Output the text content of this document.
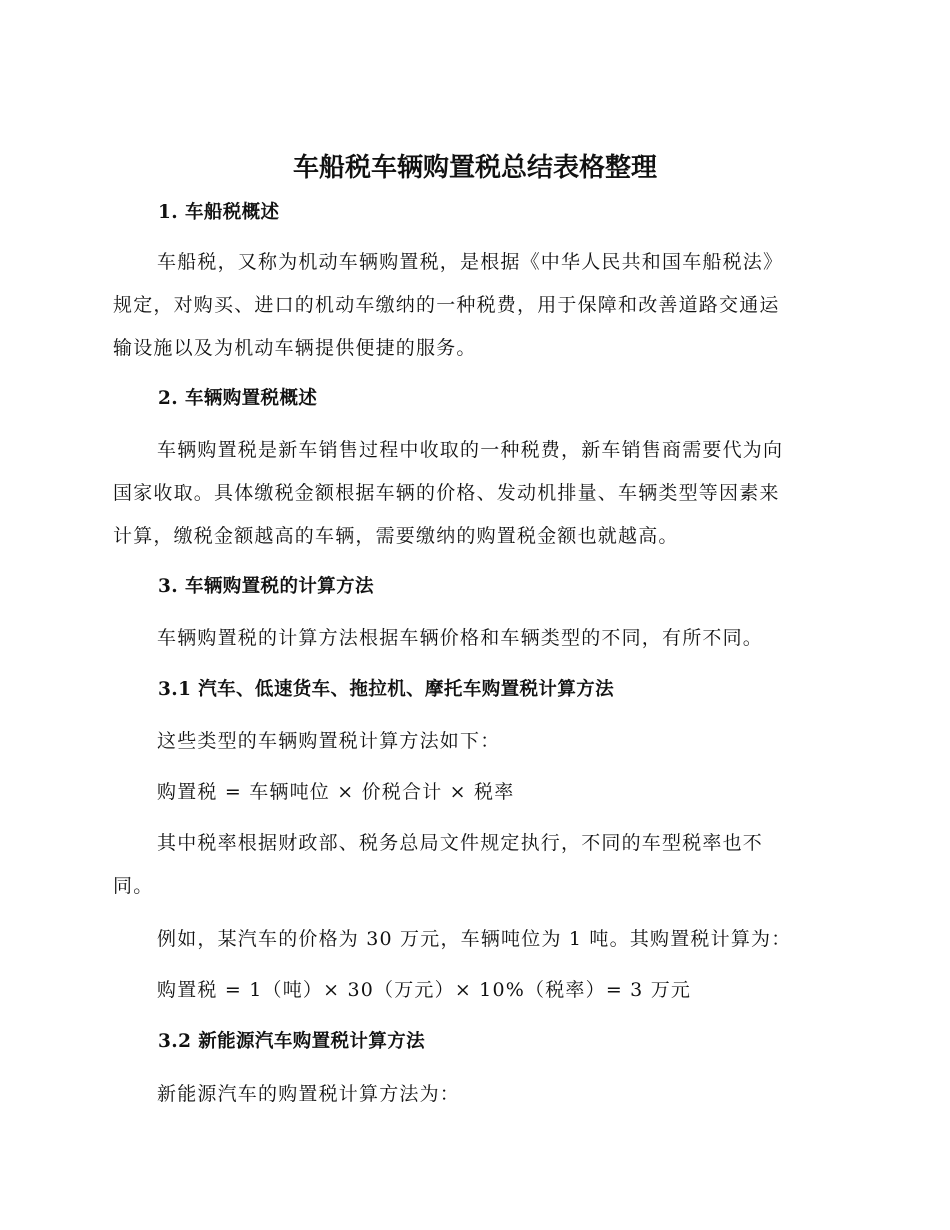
车船税车辆购置税总结表格整理
1. 车船税概述
车船税，又称为机动车辆购置税，是根据《中华人民共和国车船税法》
规定，对购买、进口的机动车缴纳的一种税费，用于保障和改善道路交通运
输设施以及为机动车辆提供便捷的服务。
2. 车辆购置税概述
车辆购置税是新车销售过程中收取的一种税费，新车销售商需要代为向
国家收取。具体缴税金额根据车辆的价格、发动机排量、车辆类型等因素来
计算，缴税金额越高的车辆，需要缴纳的购置税金额也就越高。
3. 车辆购置税的计算方法
车辆购置税的计算方法根据车辆价格和车辆类型的不同，有所不同。
3.1 汽车、低速货车、拖拉机、摩托车购置税计算方法
这些类型的车辆购置税计算方法如下：
购置税 = 车辆吨位 × 价税合计 × 税率
其中税率根据财政部、税务总局文件规定执行，不同的车型税率也不
同。
例如，某汽车的价格为 30 万元，车辆吨位为 1 吨。其购置税计算为：
购置税 = 1（吨）× 30（万元）× 10%（税率）= 3 万元
3.2 新能源汽车购置税计算方法
新能源汽车的购置税计算方法为：
